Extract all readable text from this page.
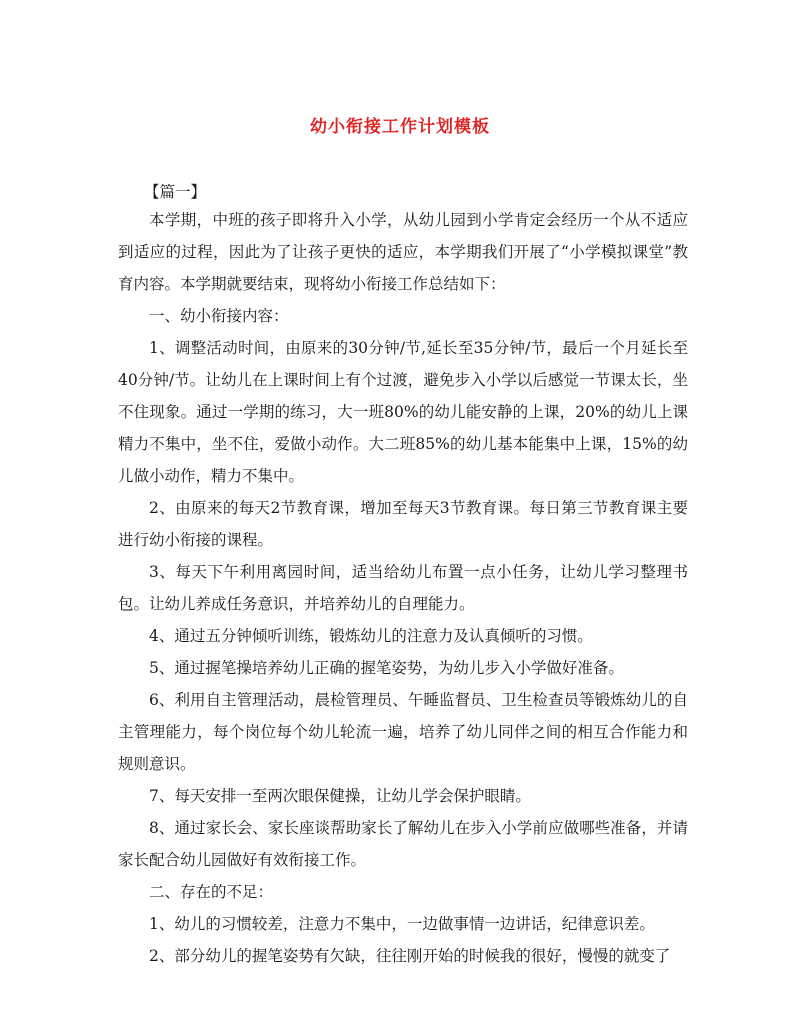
幼小衔接工作计划模板
【篇一】

本学期，中班的孩子即将升入小学，从幼儿园到小学肯定会经历一个从不适应到适应的过程，因此为了让孩子更快的适应，本学期我们开展了“小学模拟课堂”教育内容。本学期就要结束，现将幼小衔接工作总结如下：

一、幼小衔接内容：

1、调整活动时间，由原来的30分钟/节,延长至35分钟/节，最后一个月延长至40分钟/节。让幼儿在上课时间上有个过渡，避免步入小学以后感觉一节课太长，坐不住现象。通过一学期的练习，大一班80%的幼儿能安静的上课，20%的幼儿上课精力不集中，坐不住，爱做小动作。大二班85%的幼儿基本能集中上课，15%的幼儿做小动作，精力不集中。

2、由原来的每天2节教育课，增加至每天3节教育课。每日第三节教育课主要进行幼小衔接的课程。

3、每天下午利用离园时间，适当给幼儿布置一点小任务，让幼儿学习整理书包。让幼儿养成任务意识，并培养幼儿的自理能力。

4、通过五分钟倾听训练，锻炼幼儿的注意力及认真倾听的习惯。

5、通过握笔操培养幼儿正确的握笔姿势，为幼儿步入小学做好准备。

6、利用自主管理活动，晨检管理员、午睡监督员、卫生检查员等锻炼幼儿的自主管理能力，每个岗位每个幼儿轮流一遍，培养了幼儿同伴之间的相互合作能力和规则意识。

7、每天安排一至两次眼保健操，让幼儿学会保护眼睛。

8、通过家长会、家长座谈帮助家长了解幼儿在步入小学前应做哪些准备，并请家长配合幼儿园做好有效衔接工作。

二、存在的不足：

1、幼儿的习惯较差，注意力不集中，一边做事情一边讲话，纪律意识差。

2、部分幼儿的握笔姿势有欠缺，往往刚开始的时候我的很好，慢慢的就变了
